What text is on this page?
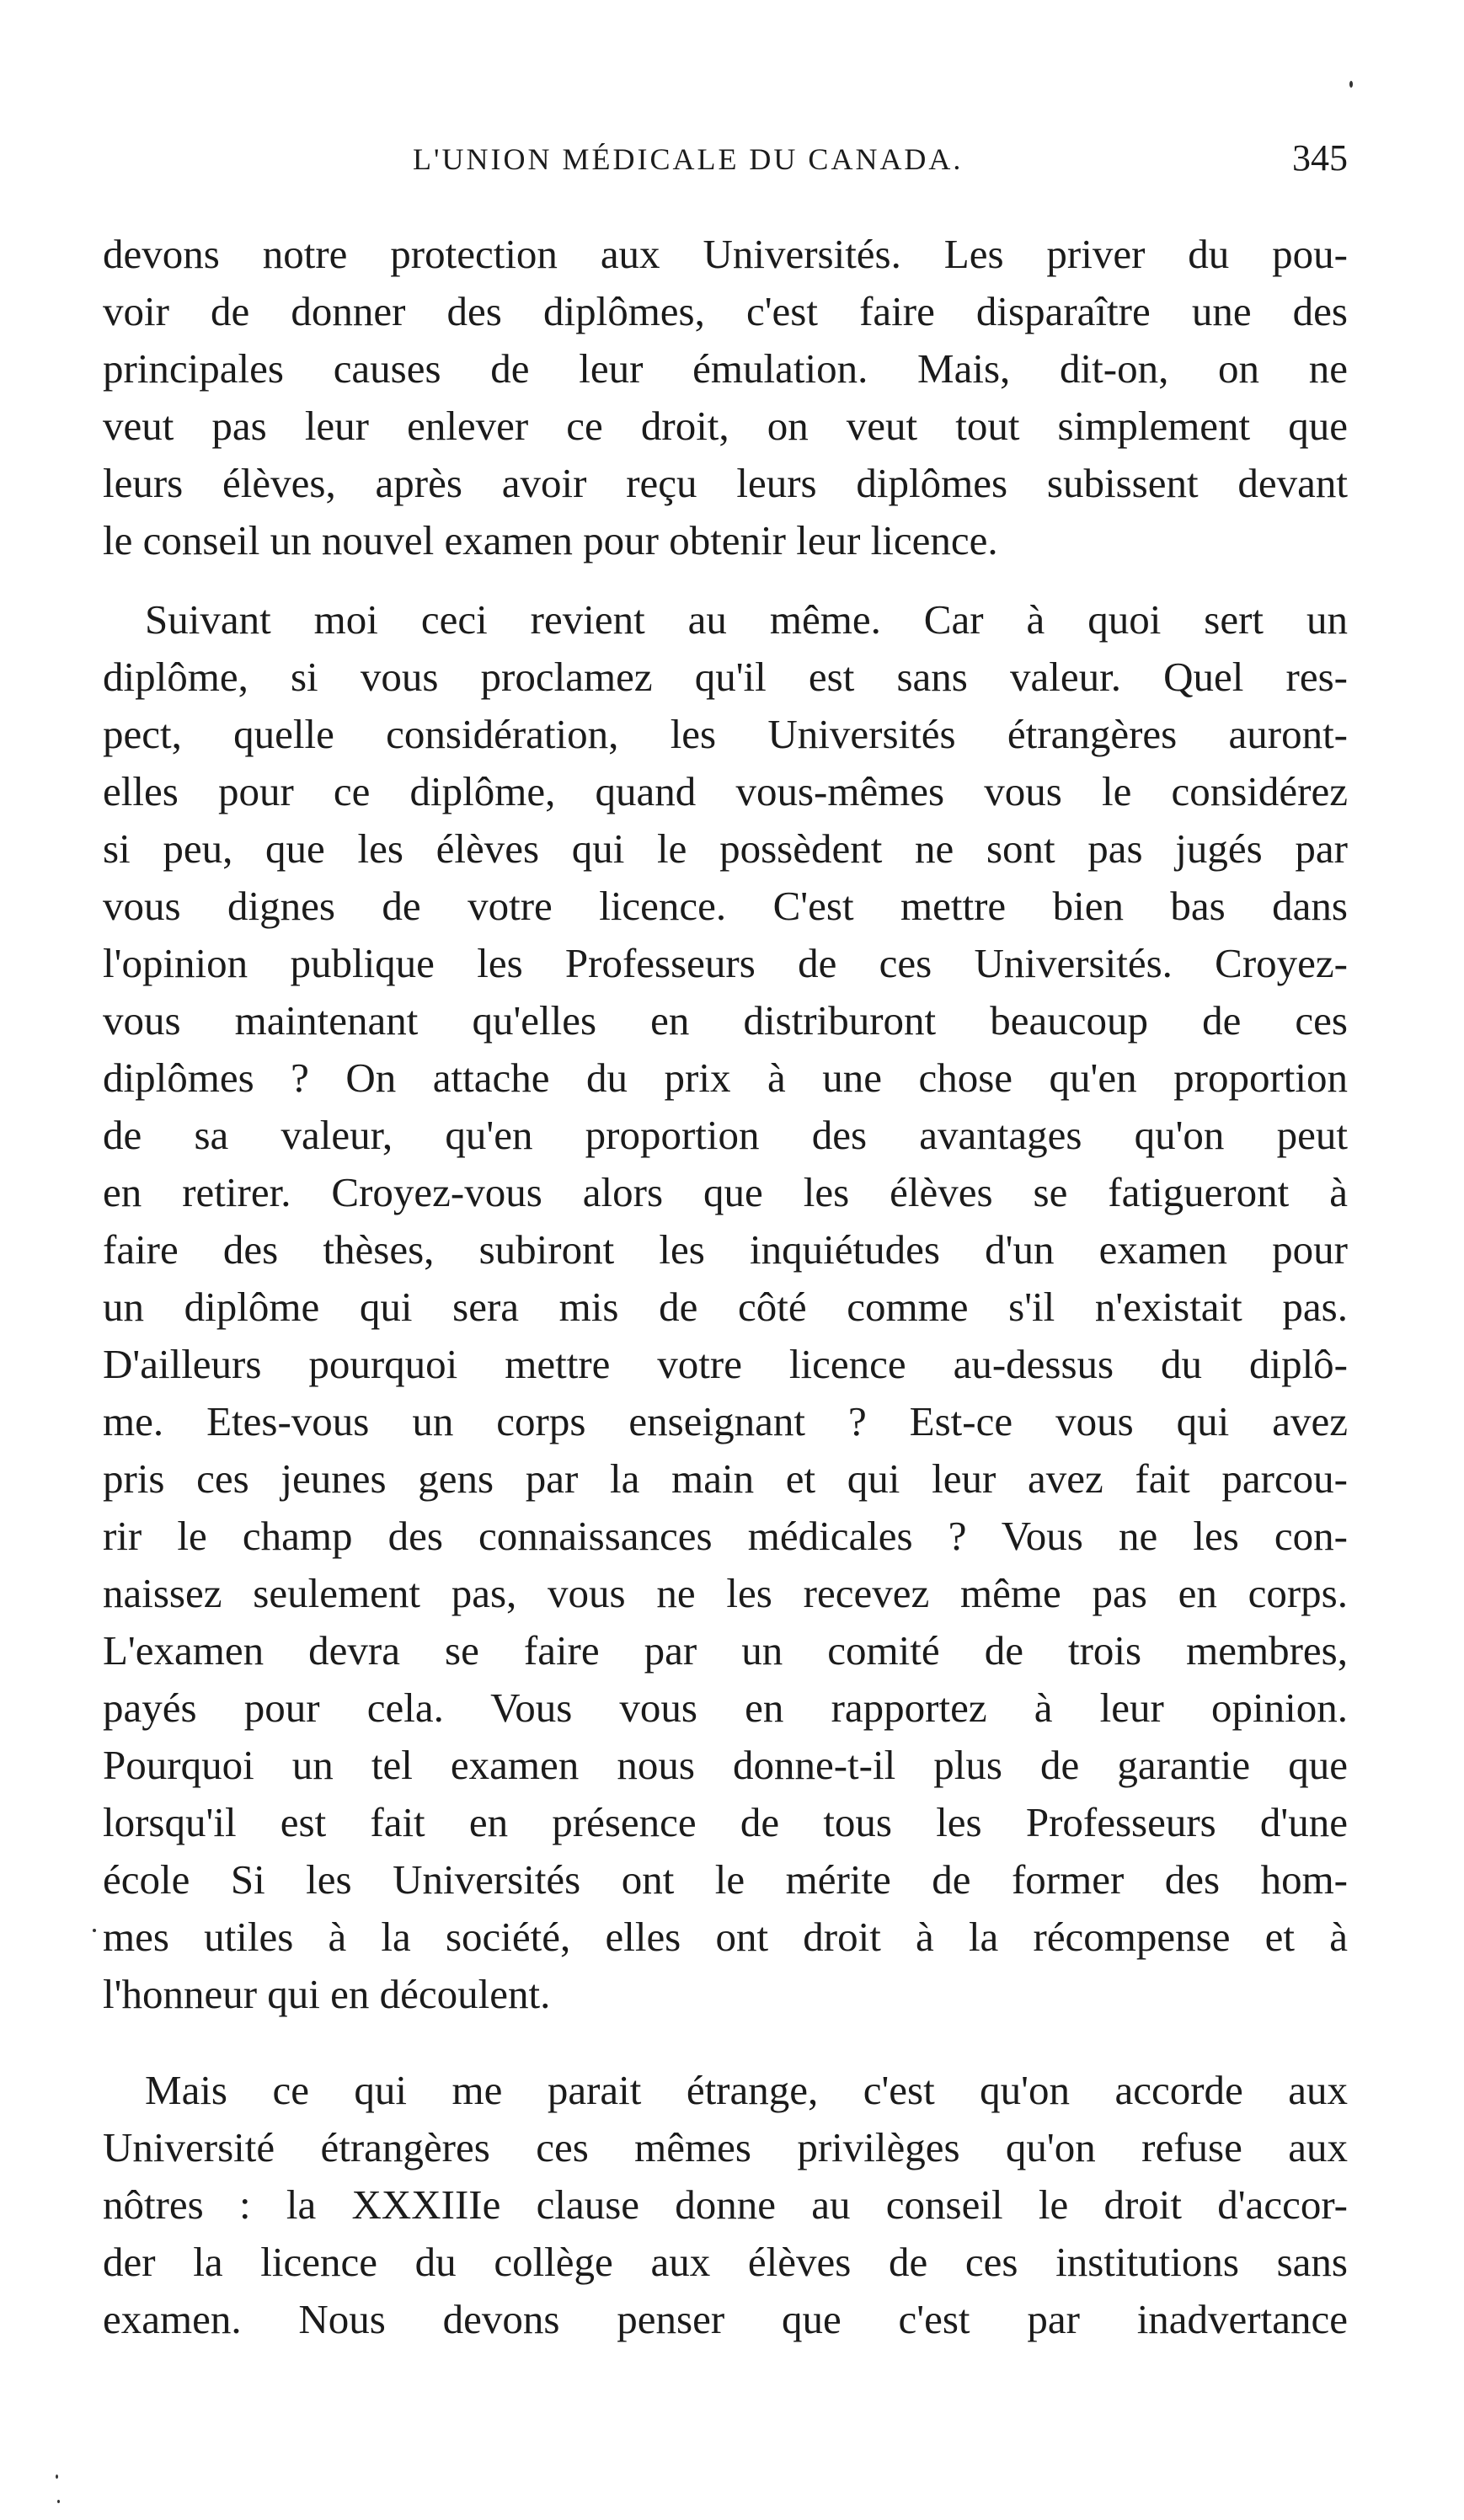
L'UNION MÉDICALE DU CANADA.	345
devons notre protection aux Universités. Les priver du pou-
voir de donner des diplômes, c'est faire disparaître une des
principales causes de leur émulation. Mais, dit-on, on ne
veut pas leur enlever ce droit, on veut tout simplement que
leurs élèves, après avoir reçu leurs diplômes subissent devant
le conseil un nouvel examen pour obtenir leur licence.
Suivant moi ceci revient au même. Car à quoi sert un
diplôme, si vous proclamez qu'il est sans valeur. Quel res-
pect, quelle considération, les Universités étrangères auront-
elles pour ce diplôme, quand vous-mêmes vous le considérez
si peu, que les élèves qui le possèdent ne sont pas jugés par
vous dignes de votre licence. C'est mettre bien bas dans
l'opinion publique les Professeurs de ces Universités. Croyez-
vous maintenant qu'elles en distriburont beaucoup de ces
diplômes ? On attache du prix à une chose qu'en proportion
de sa valeur, qu'en proportion des avantages qu'on peut
en retirer. Croyez-vous alors que les élèves se fatigueront à
faire des thèses, subiront les inquiétudes d'un examen pour
un diplôme qui sera mis de côté comme s'il n'existait pas.
D'ailleurs pourquoi mettre votre licence au-dessus du diplô-
me. Etes-vous un corps enseignant ? Est-ce vous qui avez
pris ces jeunes gens par la main et qui leur avez fait parcou-
rir le champ des connaissances médicales ? Vous ne les con-
naissez seulement pas, vous ne les recevez même pas en corps.
L'examen devra se faire par un comité de trois membres,
payés pour cela. Vous vous en rapportez à leur opinion.
Pourquoi un tel examen nous donne-t-il plus de garantie que
lorsqu'il est fait en présence de tous les Professeurs d'une
école Si les Universités ont le mérite de former des hom-
mes utiles à la société, elles ont droit à la récompense et à
l'honneur qui en découlent.
Mais ce qui me parait étrange, c'est qu'on accorde aux
Université étrangères ces mêmes privilèges qu'on refuse aux
nôtres : la XXXIIIe clause donne au conseil le droit d'accor-
der la licence du collège aux élèves de ces institutions sans
examen. Nous devons penser que c'est par inadvertance
